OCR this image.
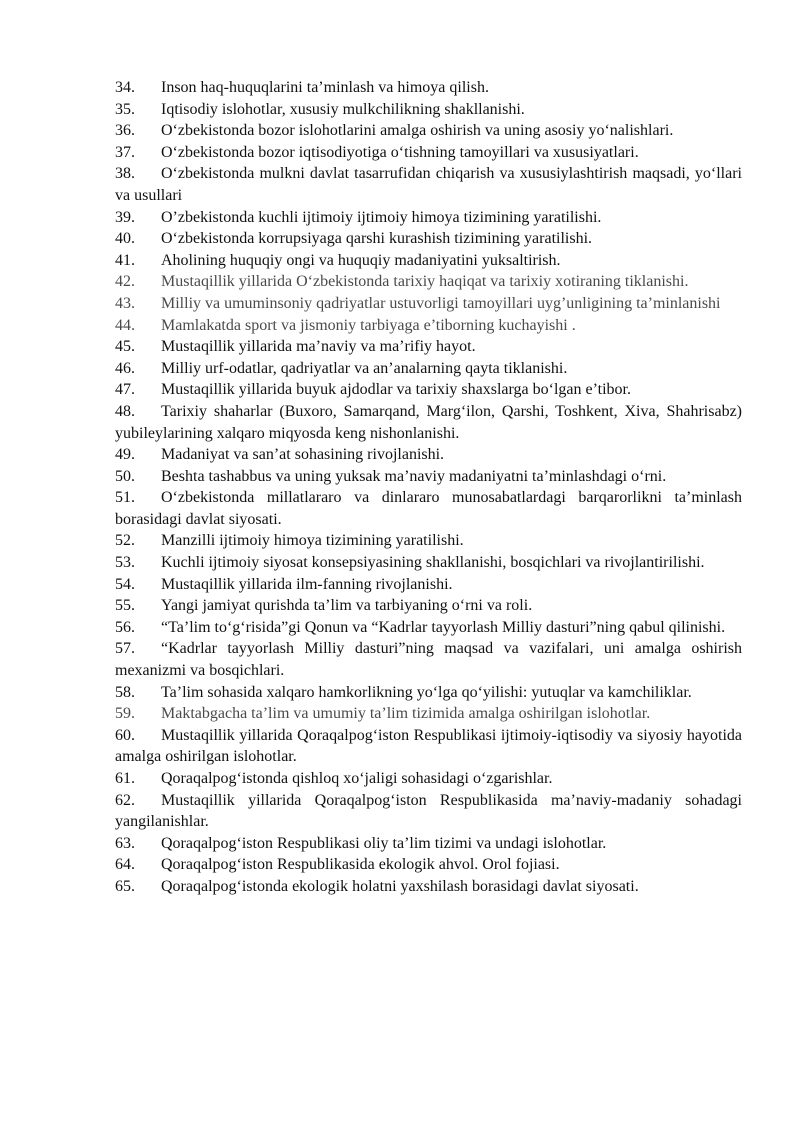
34. Inson haq-huquqlarini ta’minlash va himoya qilish.

35. Iqtisodiy islohotlar, xususiy mulkchilikning shakllanishi.

36. O‘zbekistonda bozor islohotlarini amalga oshirish va uning asosiy yo‘nalishlari.

37. O‘zbekistonda bozor iqtisodiyotiga o‘tishning tamoyillari va xususiyatlari.

38. O‘zbekistonda mulkni davlat tasarrufidan chiqarish va xususiylashtirish maqsadi, yo‘llari va usullari

39. O’zbekistonda kuchli ijtimoiy ijtimoiy himoya tizimining yaratilishi.

40. O‘zbekistonda korrupsiyaga qarshi kurashish tizimining yaratilishi.

41. Aholining huquqiy ongi va huquqiy madaniyatini yuksaltirish.

42. Mustaqillik yillarida O‘zbekistonda tarixiy haqiqat va tarixiy xotiraning tiklanishi.

43. Milliy va umuminsoniy qadriyatlar ustuvorligi tamoyillari uyg’unligining ta’minlanishi

44. Mamlakatda sport va jismoniy tarbiyaga e’tiborning kuchayishi .

45. Mustaqillik yillarida ma’naviy va ma’rifiy hayot.

46. Milliy urf-odatlar, qadriyatlar va an’analarning qayta tiklanishi.

47. Mustaqillik yillarida buyuk ajdodlar va tarixiy shaxslarga bo‘lgan e’tibor.

48. Tarixiy shaharlar (Buxoro, Samarqand, Marg‘ilon, Qarshi, Toshkent, Xiva, Shahrisabz) yubileylarining xalqaro miqyosda keng nishonlanishi.

49. Madaniyat va san’at sohasining rivojlanishi.

50. Beshta tashabbus va uning yuksak ma’naviy madaniyatni ta’minlashdagi o‘rni.

51. O‘zbekistonda millatlararo va dinlararo munosabatlardagi barqarorlikni ta’minlash borasidagi davlat siyosati.

52. Manzilli ijtimoiy himoya tizimining yaratilishi.

53. Kuchli ijtimoiy siyosat konsepsiyasining shakllanishi, bosqichlari va rivojlantirilishi.

54. Mustaqillik yillarida ilm-fanning rivojlanishi.

55. Yangi jamiyat qurishda ta’lim va tarbiyaning o‘rni va roli.

56. “Ta’lim to‘g‘risida”gi Qonun va “Kadrlar tayyorlash Milliy dasturi”ning qabul qilinishi.

57. “Kadrlar tayyorlash Milliy dasturi”ning maqsad va vazifalari, uni amalga oshirish mexanizmi va bosqichlari.

58. Ta’lim sohasida xalqaro hamkorlikning yo‘lga qo‘yilishi: yutuqlar va kamchiliklar.

59. Maktabgacha ta’lim va umumiy ta’lim tizimida amalga oshirilgan islohotlar.

60. Mustaqillik yillarida Qoraqalpog‘iston Respublikasi ijtimoiy-iqtisodiy va siyosiy hayotida amalga oshirilgan islohotlar.

61. Qoraqalpog‘istonda qishloq xo‘jaligi sohasidagi o‘zgarishlar.

62. Mustaqillik yillarida Qoraqalpog‘iston Respublikasida ma’naviy-madaniy sohadagi yangilanishlar.

63. Qoraqalpog‘iston Respublikasi oliy ta’lim tizimi va undagi islohotlar.

64. Qoraqalpog‘iston Respublikasida ekologik ahvol. Orol fojiasi.

65. Qoraqalpog‘istonda ekologik holatni yaxshilash borasidagi davlat siyosati.
